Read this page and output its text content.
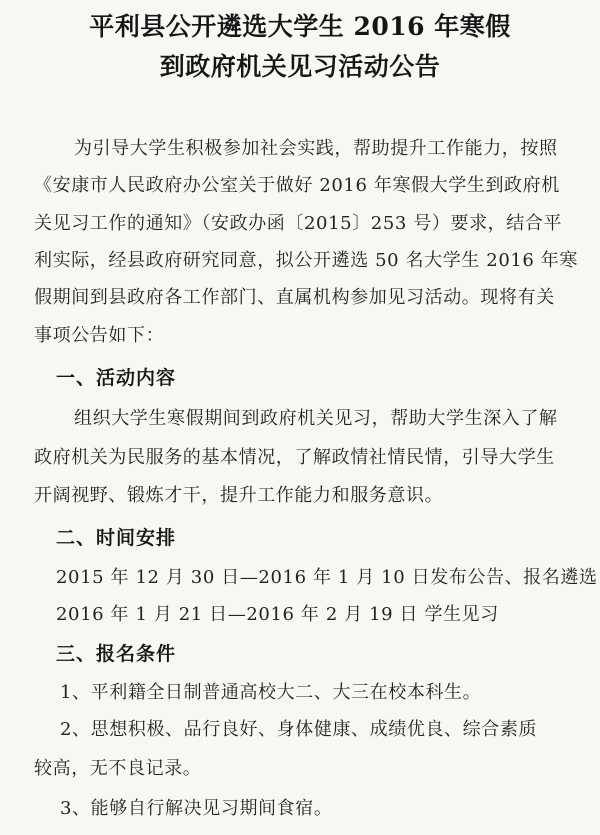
平利县公开遴选大学生 2016 年寒假
到政府机关见习活动公告
为引导大学生积极参加社会实践，帮助提升工作能力，按照
《安康市人民政府办公室关于做好 2016 年寒假大学生到政府机
关见习工作的通知》（安政办函〔2015〕253 号）要求，结合平
利实际，经县政府研究同意，拟公开遴选 50 名大学生 2016 年寒
假期间到县政府各工作部门、直属机构参加见习活动。现将有关
事项公告如下：
一、活动内容
组织大学生寒假期间到政府机关见习，帮助大学生深入了解
政府机关为民服务的基本情况，了解政情社情民情，引导大学生
开阔视野、锻炼才干，提升工作能力和服务意识。
二、时间安排
2015 年 12 月 30 日—2016 年 1 月 10 日发布公告、报名遴选
2016 年 1 月 21 日—2016 年 2 月 19 日 学生见习
三、报名条件
1、平利籍全日制普通高校大二、大三在校本科生。
2、思想积极、品行良好、身体健康、成绩优良、综合素质
较高，无不良记录。
3、能够自行解决见习期间食宿。
